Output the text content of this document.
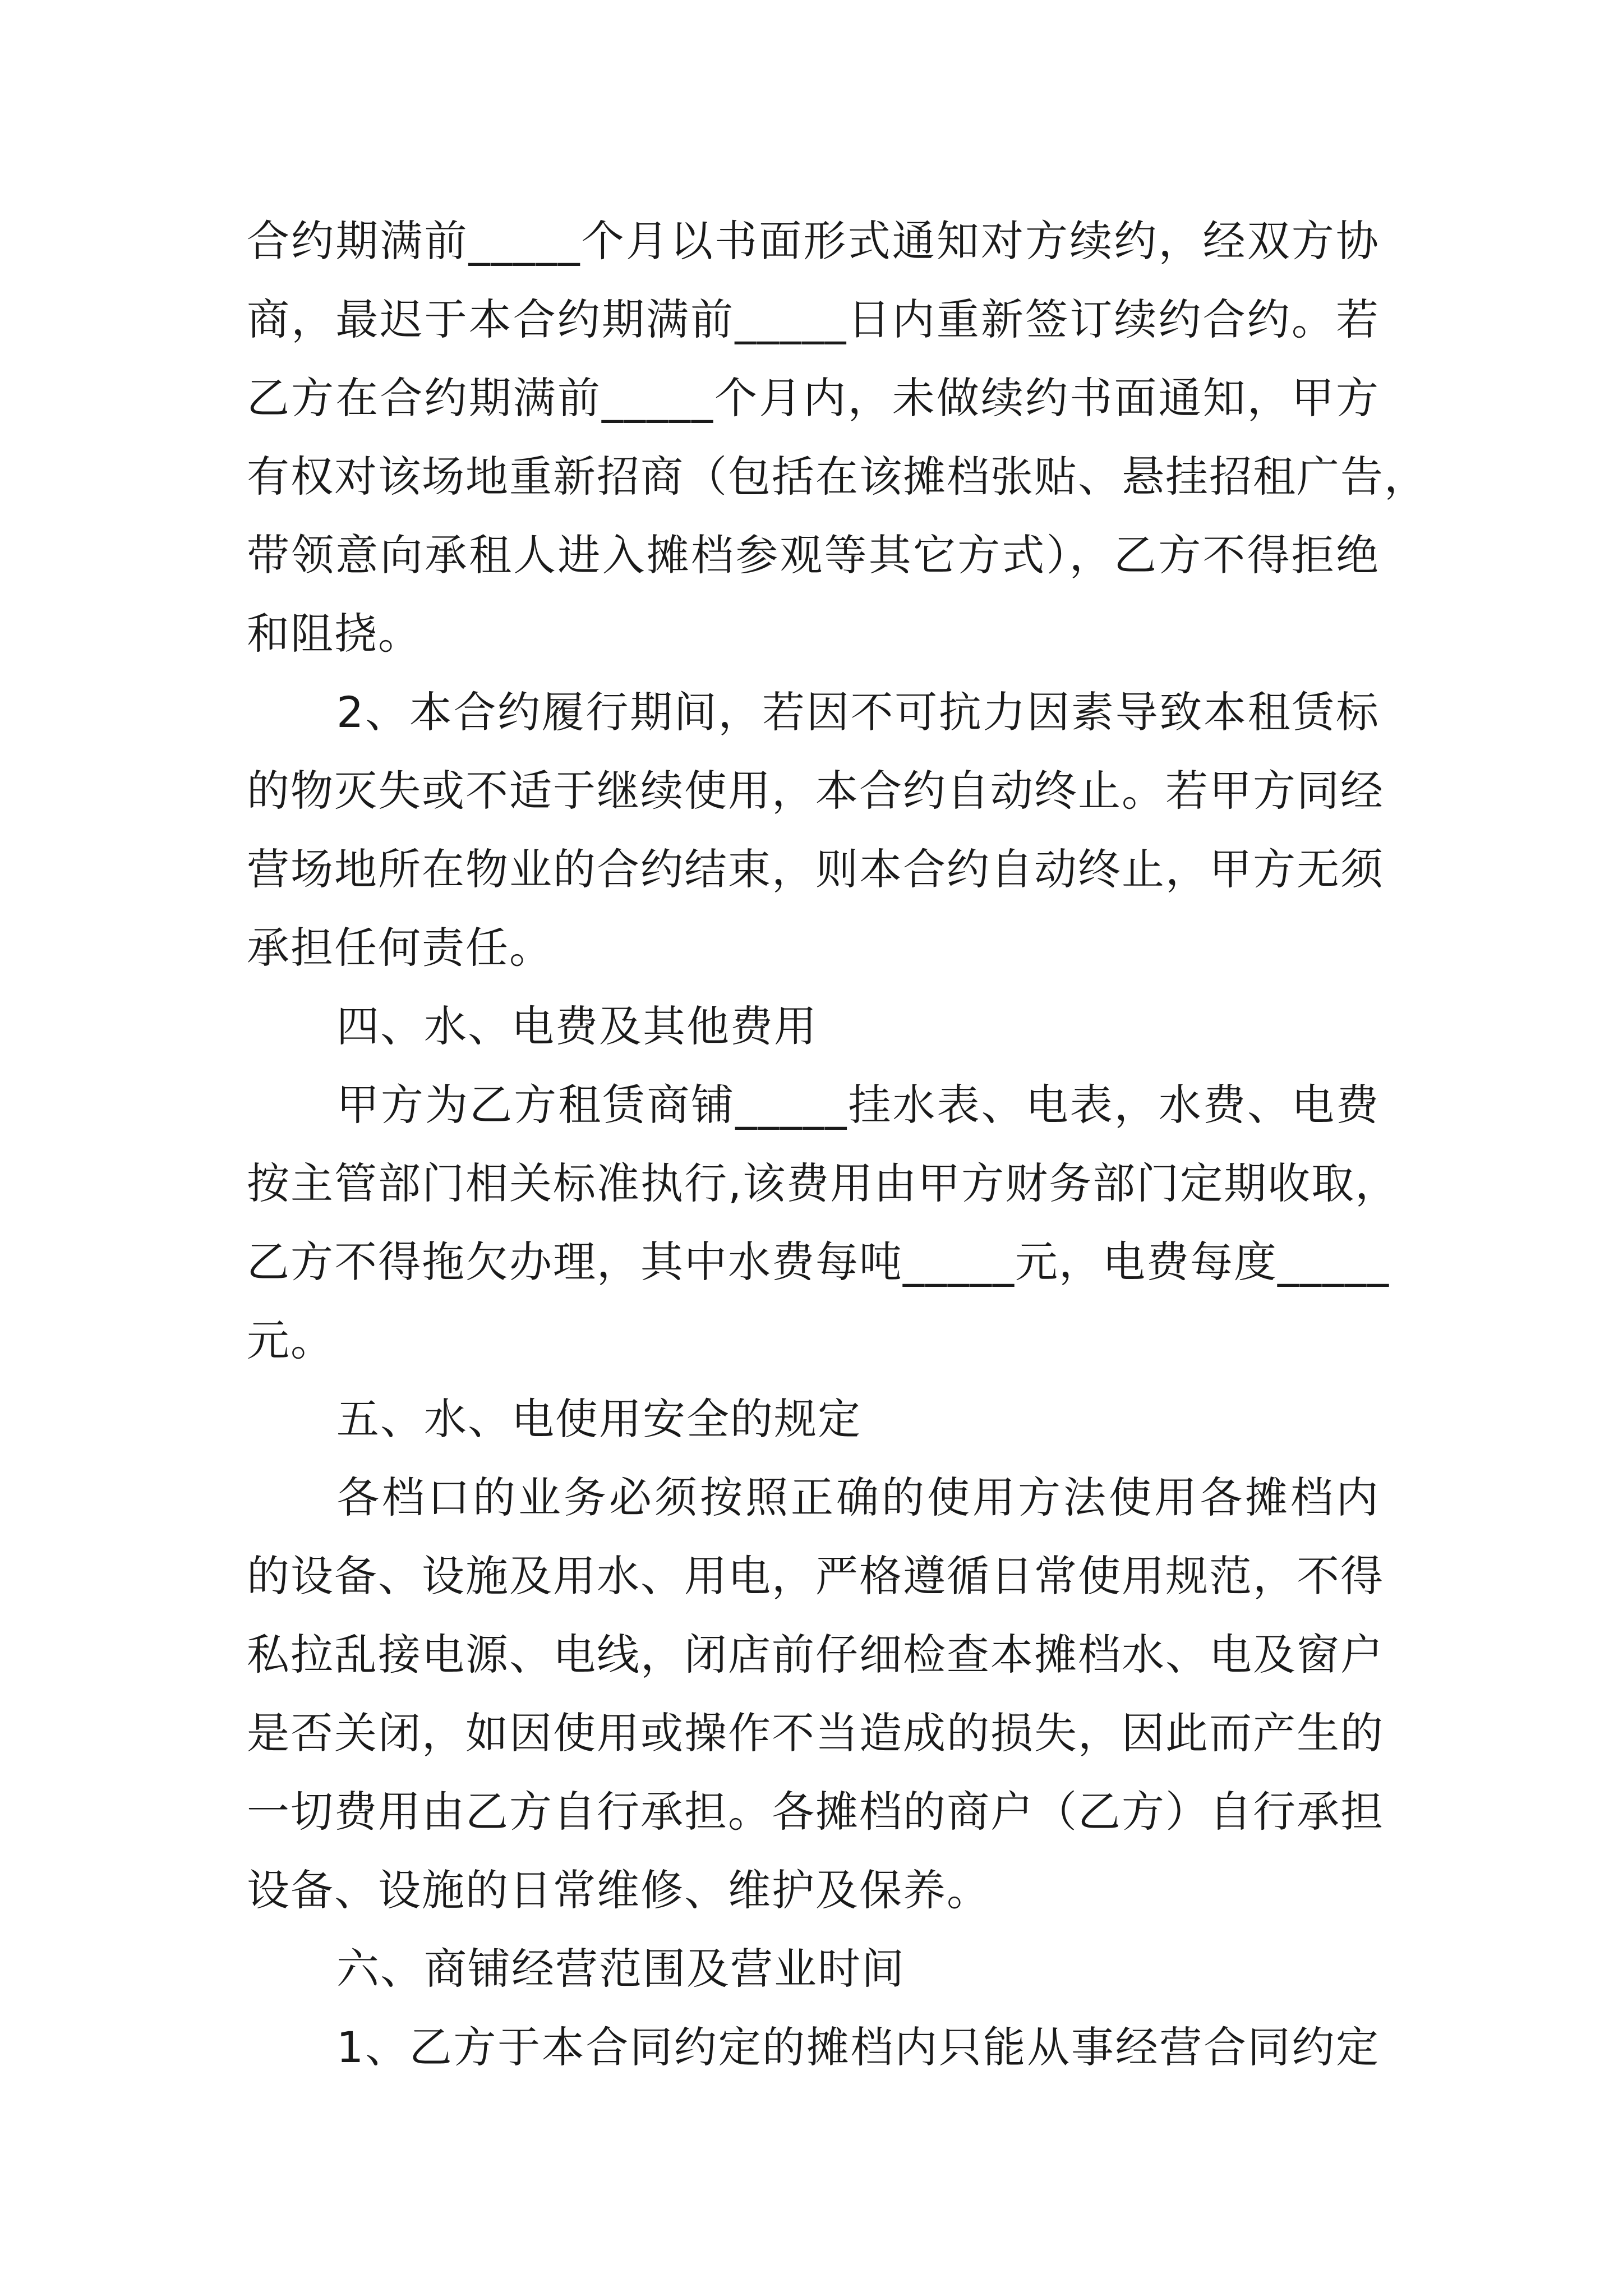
合约期满前_____个月以书面形式通知对方续约，经双方协
商，最迟于本合约期满前_____日内重新签订续约合约。若
乙方在合约期满前_____个月内，未做续约书面通知，甲方
有权对该场地重新招商（包括在该摊档张贴、悬挂招租广告，
带领意向承租人进入摊档参观等其它方式），乙方不得拒绝
和阻挠。
2、本合约履行期间，若因不可抗力因素导致本租赁标
的物灭失或不适于继续使用，本合约自动终止。若甲方同经
营场地所在物业的合约结束，则本合约自动终止，甲方无须
承担任何责任。
四、水、电费及其他费用
甲方为乙方租赁商铺_____挂水表、电表，水费、电费
按主管部门相关标准执行,该费用由甲方财务部门定期收取，
乙方不得拖欠办理，其中水费每吨_____元，电费每度_____
元。
五、水、电使用安全的规定
各档口的业务必须按照正确的使用方法使用各摊档内
的设备、设施及用水、用电，严格遵循日常使用规范，不得
私拉乱接电源、电线，闭店前仔细检查本摊档水、电及窗户
是否关闭，如因使用或操作不当造成的损失，因此而产生的
一切费用由乙方自行承担。各摊档的商户（乙方）自行承担
设备、设施的日常维修、维护及保养。
六、商铺经营范围及营业时间
1、乙方于本合同约定的摊档内只能从事经营合同约定
